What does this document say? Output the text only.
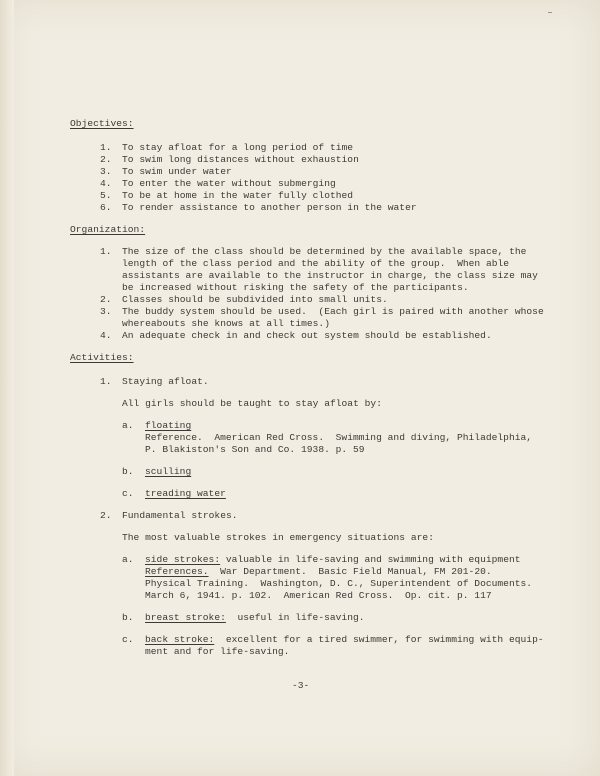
Objectives:
1. To stay afloat for a long period of time
2. To swim long distances without exhaustion
3. To swim under water
4. To enter the water without submerging
5. To be at home in the water fully clothed
6. To render assistance to another person in the water
Organization:
1. The size of the class should be determined by the available space, the
length of the class period and the ability of the group.  When able
assistants are available to the instructor in charge, the class size may
be increased without risking the safety of the participants.
2. Classes should be subdivided into small units.
3. The buddy system should be used.  (Each girl is paired with another whose
whereabouts she knows at all times.)
4. An adequate check in and check out system should be established.
Activities:
1. Staying afloat.
All girls should be taught to stay afloat by:
a. floating
Reference.  American Red Cross.  Swimming and diving, Philadelphia,
P. Blakiston's Son and Co. 1938. p. 59
b. sculling
c. treading water
2. Fundamental strokes.
The most valuable strokes in emergency situations are:
a. side strokes: valuable in life-saving and swimming with equipment
References.  War Department.  Basic Field Manual, FM 201-20.
Physical Training.  Washington, D. C., Superintendent of Documents.
March 6, 1941. p. 102.  American Red Cross.  Op. cit. p. 117
b. breast stroke:  useful in life-saving.
c. back stroke:  excellent for a tired swimmer, for swimming with equip-
ment and for life-saving.
-3-
